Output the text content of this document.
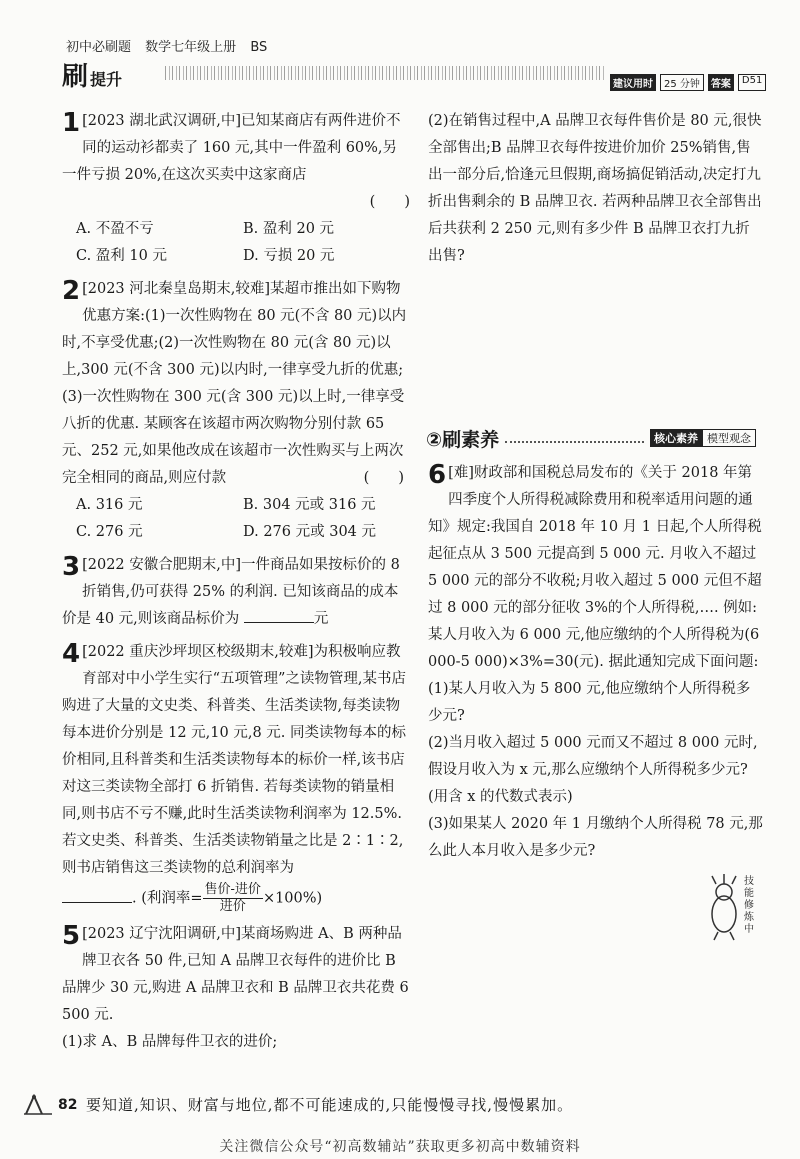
初中必刷题 数学七年级上册 BS
刷提升	建议用时	25 分钟	答案	D51
1 [2023 湖北武汉调研,中]已知某商店有两件进价不同的运动衫都卖了 160 元,其中一件盈利 60%,另一件亏损 20%,在这次买卖中这家商店
(　　)
A. 不盈不亏	B. 盈利 20 元
C. 盈利 10 元	D. 亏损 20 元
2 [2023 河北秦皇岛期末,较难]某超市推出如下购物优惠方案:(1)一次性购物在 80 元(不含 80 元)以内时,不享受优惠;(2)一次性购物在 80 元(含 80 元)以上,300 元(不含 300 元)以内时,一律享受九折的优惠;(3)一次性购物在 300 元(含 300 元)以上时,一律享受八折的优惠. 某顾客在该超市两次购物分别付款 65 元、252 元,如果他改成在该超市一次性购买与上两次完全相同的商品,则应付款	(　　)
A. 316 元	B. 304 元或 316 元
C. 276 元	D. 276 元或 304 元
3 [2022 安徽合肥期末,中]一件商品如果按标价的 8 折销售,仍可获得 25% 的利润. 已知该商品的成本价是 40 元,则该商品标价为	元
4 [2022 重庆沙坪坝区校级期末,较难]为积极响应教育部对中小学生实行“五项管理”之读物管理,某书店购进了大量的文史类、科普类、生活类读物,每类读物每本进价分别是 12 元,10 元,8 元. 同类读物每本的标价相同,且科普类和生活类读物每本的标价一样,该书店对这三类读物全部打 6 折销售. 若每类读物的销量相同,则书店不亏不赚,此时生活类读物利润率为 12.5%. 若文史类、科普类、生活类读物销量之比是 2∶1∶2,则书店销售这三类读物的总利润率为
. (利润率= $\frac{\text{售价-进价}}{\text{进价}} \times 100\%$)
5 [2023 辽宁沈阳调研,中]某商场购进 A、B 两种品牌卫衣各 50 件,已知 A 品牌卫衣每件的进价比 B 品牌少 30 元,购进 A 品牌卫衣和 B 品牌卫衣共花费 6 500 元.
(1)求 A、B 品牌每件卫衣的进价;
(2)在销售过程中,A 品牌卫衣每件售价是 80 元,很快全部售出;B 品牌卫衣每件按进价加价 25%销售,售出一部分后,恰逢元旦假期,商场搞促销活动,决定打九折出售剩余的 B 品牌卫衣. 若两种品牌卫衣全部售出后共获利 2 250 元,则有多少件 B 品牌卫衣打九折出售?
②刷素养	核心素养 模型观念
6 [难]财政部和国税总局发布的《关于 2018 年第四季度个人所得税减除费用和税率适用问题的通知》规定:我国自 2018 年 10 月 1 日起,个人所得税起征点从 3 500 元提高到 5 000 元. 月收入不超过 5 000 元的部分不收税;月收入超过 5 000 元但不超过 8 000 元的部分征收 3%的个人所得税,…. 例如:某人月收入为 6 000 元,他应缴纳的个人所得税为(6 000-5 000)×3%=30(元). 据此通知完成下面问题:
(1)某人月收入为 5 800 元,他应缴纳个人所得税多少元?
(2)当月收入超过 5 000 元而又不超过 8 000 元时,假设月收入为 x 元,那么应缴纳个人所得税多少元?(用含 x 的代数式表示)
(3)如果某人 2020 年 1 月缴纳个人所得税 78 元,那么此人本月收入是多少元?
技能修炼中
82 要知道,知识、财富与地位,都不可能速成的,只能慢慢寻找,慢慢累加。
关注微信公众号“初高数辅站”获取更多初高中数辅资料
